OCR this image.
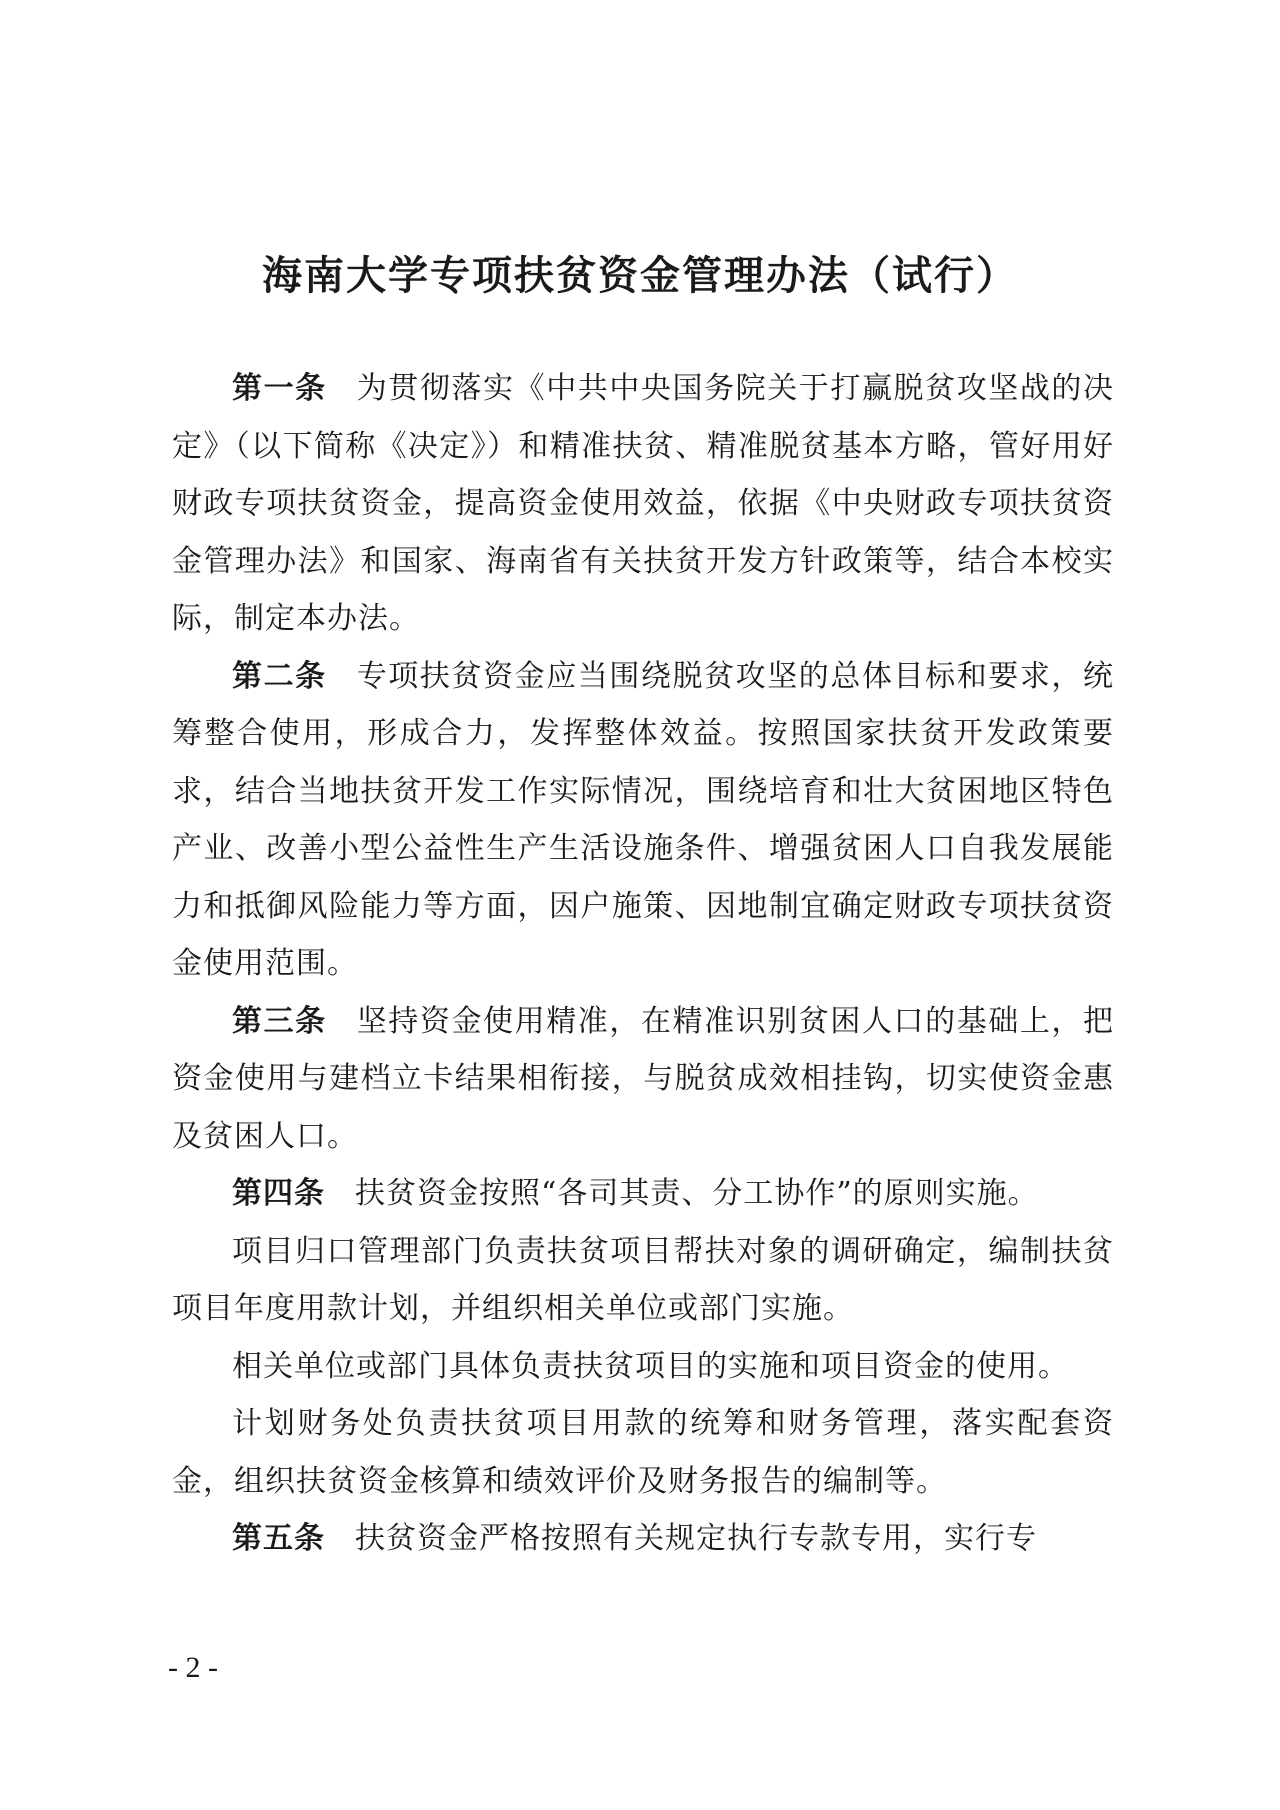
海南大学专项扶贫资金管理办法（试行）

第一条 为贯彻落实《中共中央国务院关于打赢脱贫攻坚战的决定》（以下简称《决定》）和精准扶贫、精准脱贫基本方略，管好用好财政专项扶贫资金，提高资金使用效益，依据《中央财政专项扶贫资金管理办法》和国家、海南省有关扶贫开发方针政策等，结合本校实际，制定本办法。

第二条 专项扶贫资金应当围绕脱贫攻坚的总体目标和要求，统筹整合使用，形成合力，发挥整体效益。按照国家扶贫开发政策要求，结合当地扶贫开发工作实际情况，围绕培育和壮大贫困地区特色产业、改善小型公益性生产生活设施条件、增强贫困人口自我发展能力和抵御风险能力等方面，因户施策、因地制宜确定财政专项扶贫资金使用范围。

第三条 坚持资金使用精准，在精准识别贫困人口的基础上，把资金使用与建档立卡结果相衔接，与脱贫成效相挂钩，切实使资金惠及贫困人口。

第四条 扶贫资金按照“各司其责、分工协作”的原则实施。

项目归口管理部门负责扶贫项目帮扶对象的调研确定，编制扶贫项目年度用款计划，并组织相关单位或部门实施。

相关单位或部门具体负责扶贫项目的实施和项目资金的使用。

计划财务处负责扶贫项目用款的统筹和财务管理，落实配套资金，组织扶贫资金核算和绩效评价及财务报告的编制等。

第五条 扶贫资金严格按照有关规定执行专款专用，实行专

- 2 -
